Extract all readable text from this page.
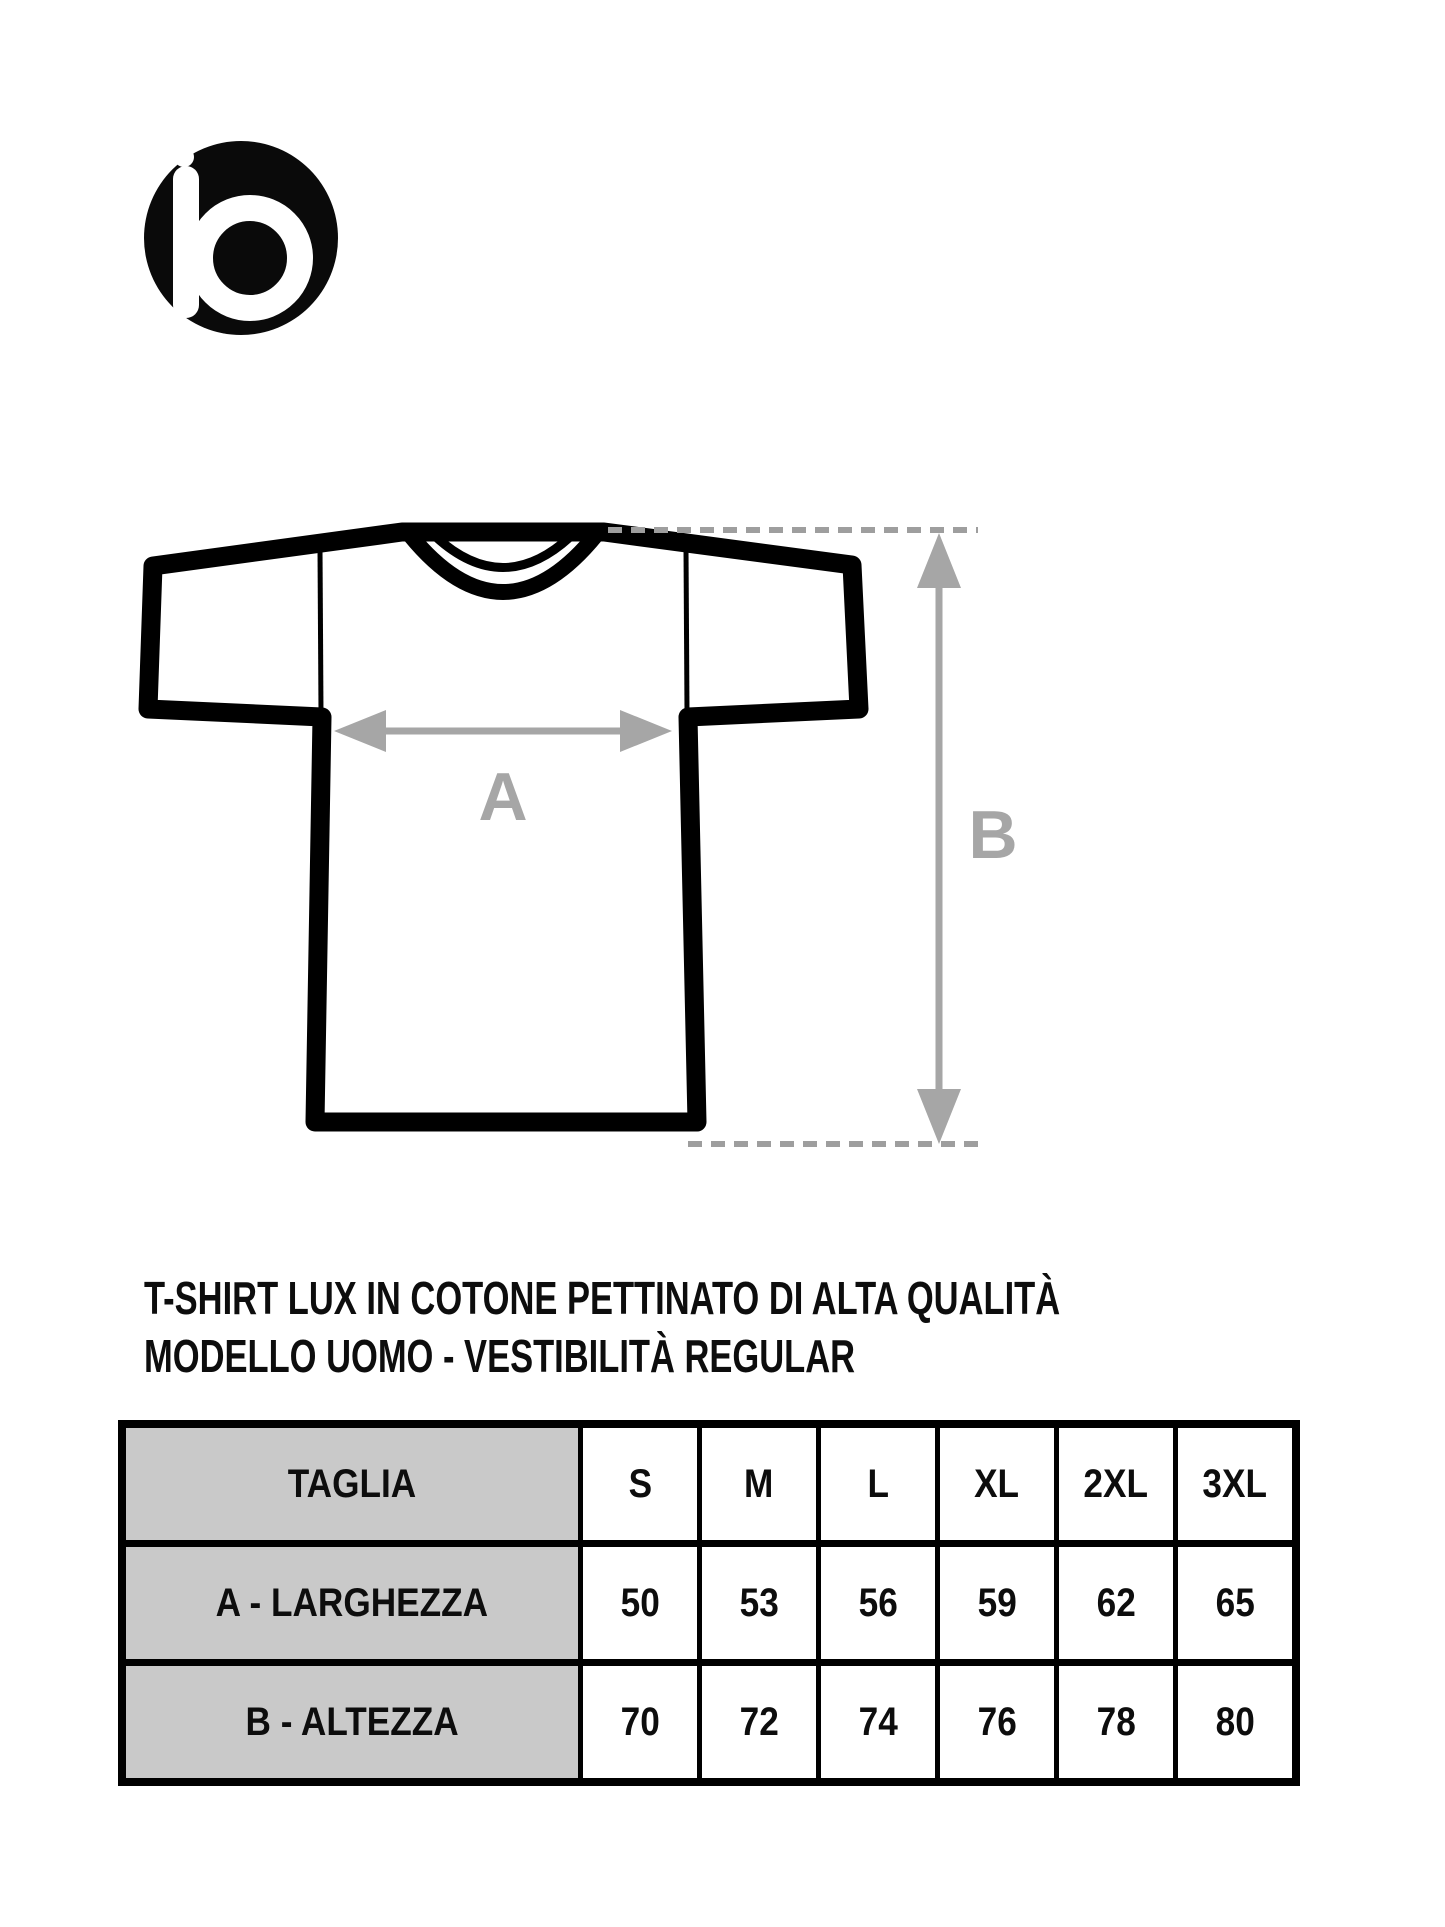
A	B
T-SHIRT LUX IN COTONE PETTINATO DI ALTA QUALITÀ
MODELLO UOMO - VESTIBILITÀ REGULAR
TAGLIA	S M L XL 2XL 3XL
A - LARGHEZZA	50 53 56 59 62 65
B - ALTEZZA	70 72 74 76 78 80
